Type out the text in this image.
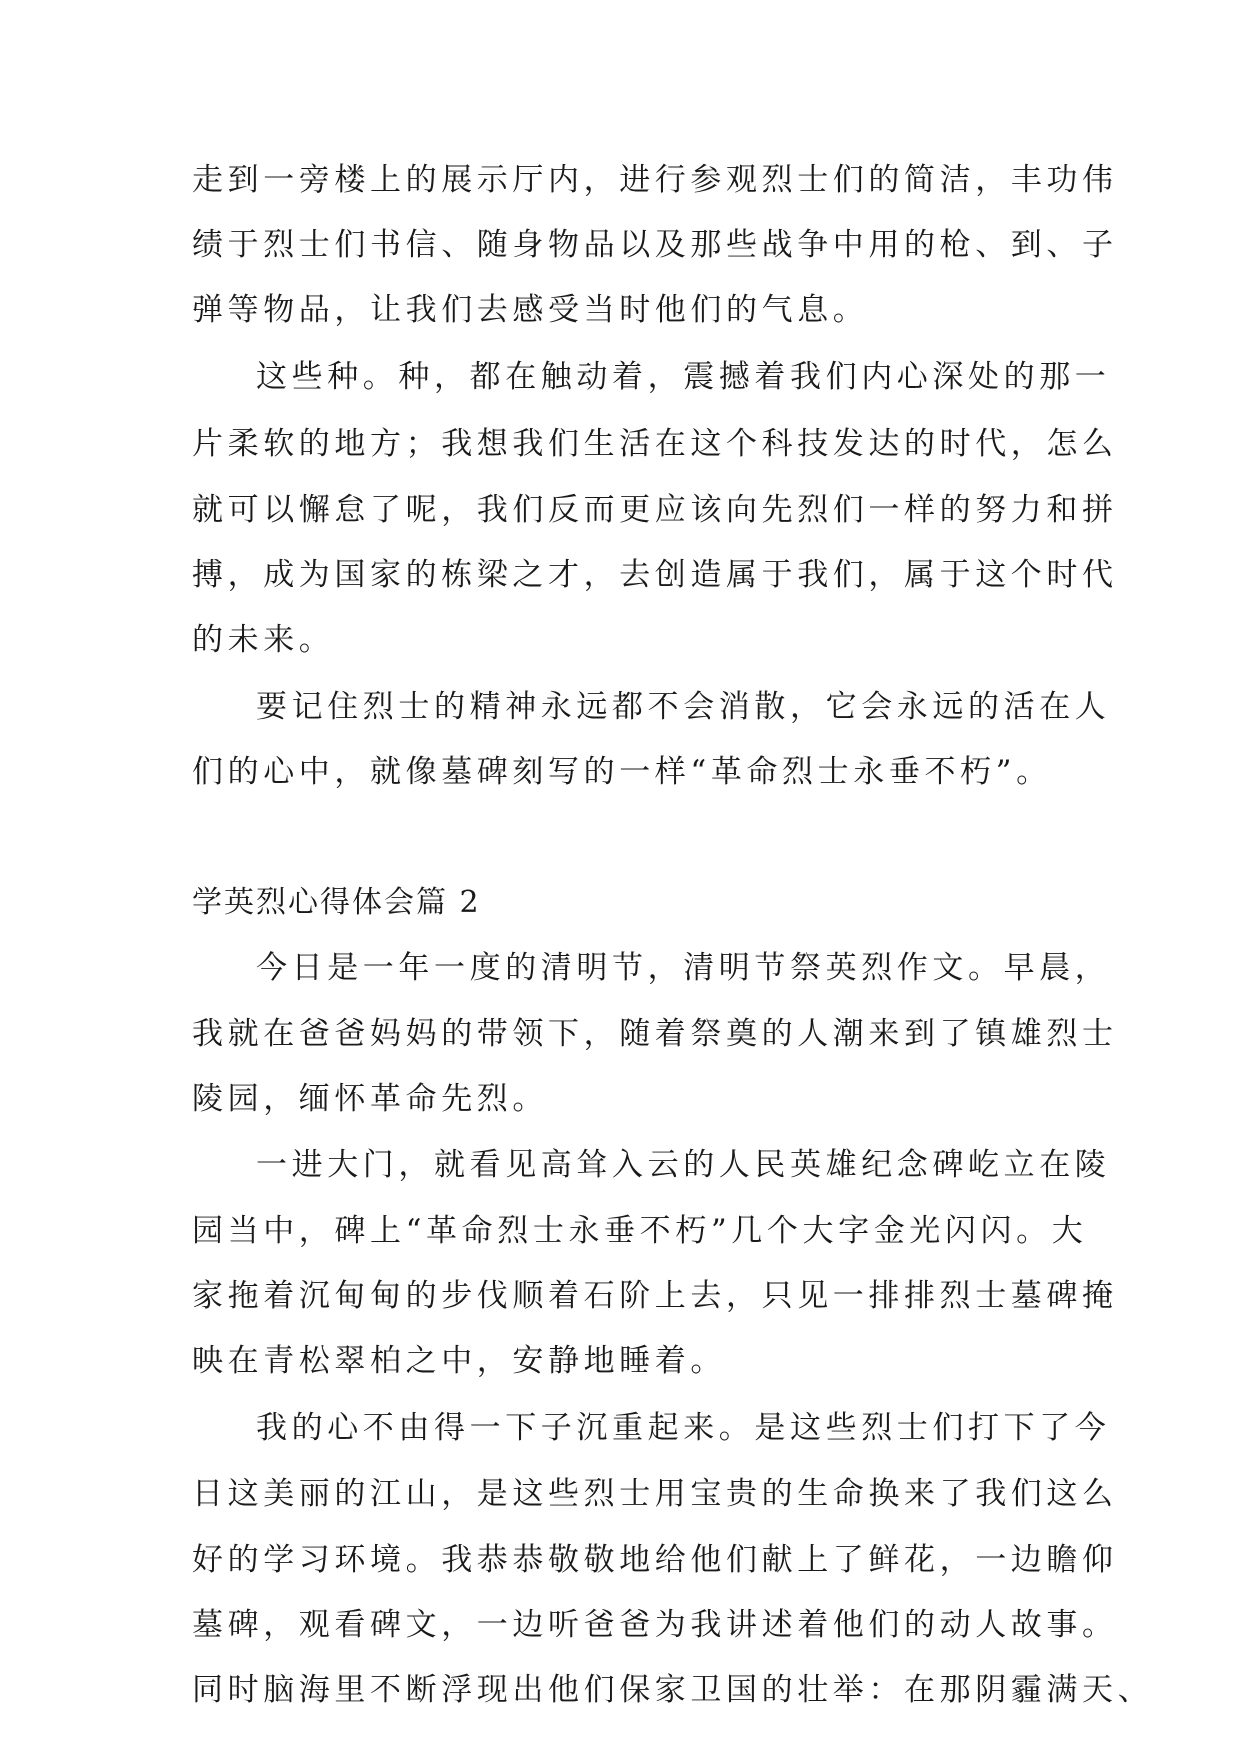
走到一旁楼上的展示厅内，进行参观烈士们的简洁，丰功伟
绩于烈士们书信、随身物品以及那些战争中用的枪、到、子
弹等物品，让我们去感受当时他们的气息。
这些种。种，都在触动着，震撼着我们内心深处的那一
片柔软的地方；我想我们生活在这个科技发达的时代，怎么
就可以懈怠了呢，我们反而更应该向先烈们一样的努力和拼
搏，成为国家的栋梁之才，去创造属于我们，属于这个时代
的未来。
要记住烈士的精神永远都不会消散，它会永远的活在人
们的心中，就像墓碑刻写的一样“革命烈士永垂不朽”。
学英烈心得体会篇 2
今日是一年一度的清明节，清明节祭英烈作文。早晨，
我就在爸爸妈妈的带领下，随着祭奠的人潮来到了镇雄烈士
陵园，缅怀革命先烈。
一进大门，就看见高耸入云的人民英雄纪念碑屹立在陵
园当中，碑上“革命烈士永垂不朽”几个大字金光闪闪。大
家拖着沉甸甸的步伐顺着石阶上去，只见一排排烈士墓碑掩
映在青松翠柏之中，安静地睡着。
我的心不由得一下子沉重起来。是这些烈士们打下了今
日这美丽的江山，是这些烈士用宝贵的生命换来了我们这么
好的学习环境。我恭恭敬敬地给他们献上了鲜花，一边瞻仰
墓碑，观看碑文，一边听爸爸为我讲述着他们的动人故事。
同时脑海里不断浮现出他们保家卫国的壮举：在那阴霾满天、
